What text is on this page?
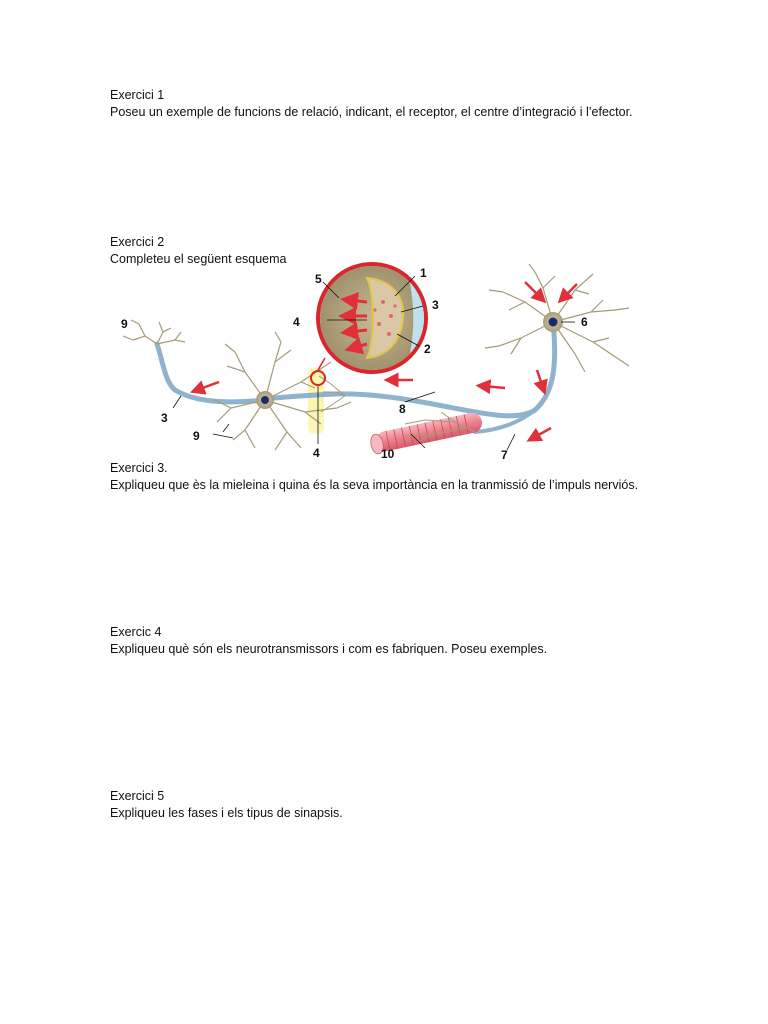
Exercici 1
Poseu un exemple de funcions de relació, indicant, el receptor, el centre d’integració i l’efector.
Exercici 2
Completeu el següent esquema
1
2
3
4
5
6
7
8
9
10
3
4
9
Exercici 3.
Expliqueu que ès la mieleina i quina és la seva importància en la tranmissió de l’impuls nerviós.
Exercic 4
Expliqueu què són els neurotransmissors i com es fabriquen. Poseu exemples.
Exercici 5
Expliqueu les fases i els tipus de sinapsis.
